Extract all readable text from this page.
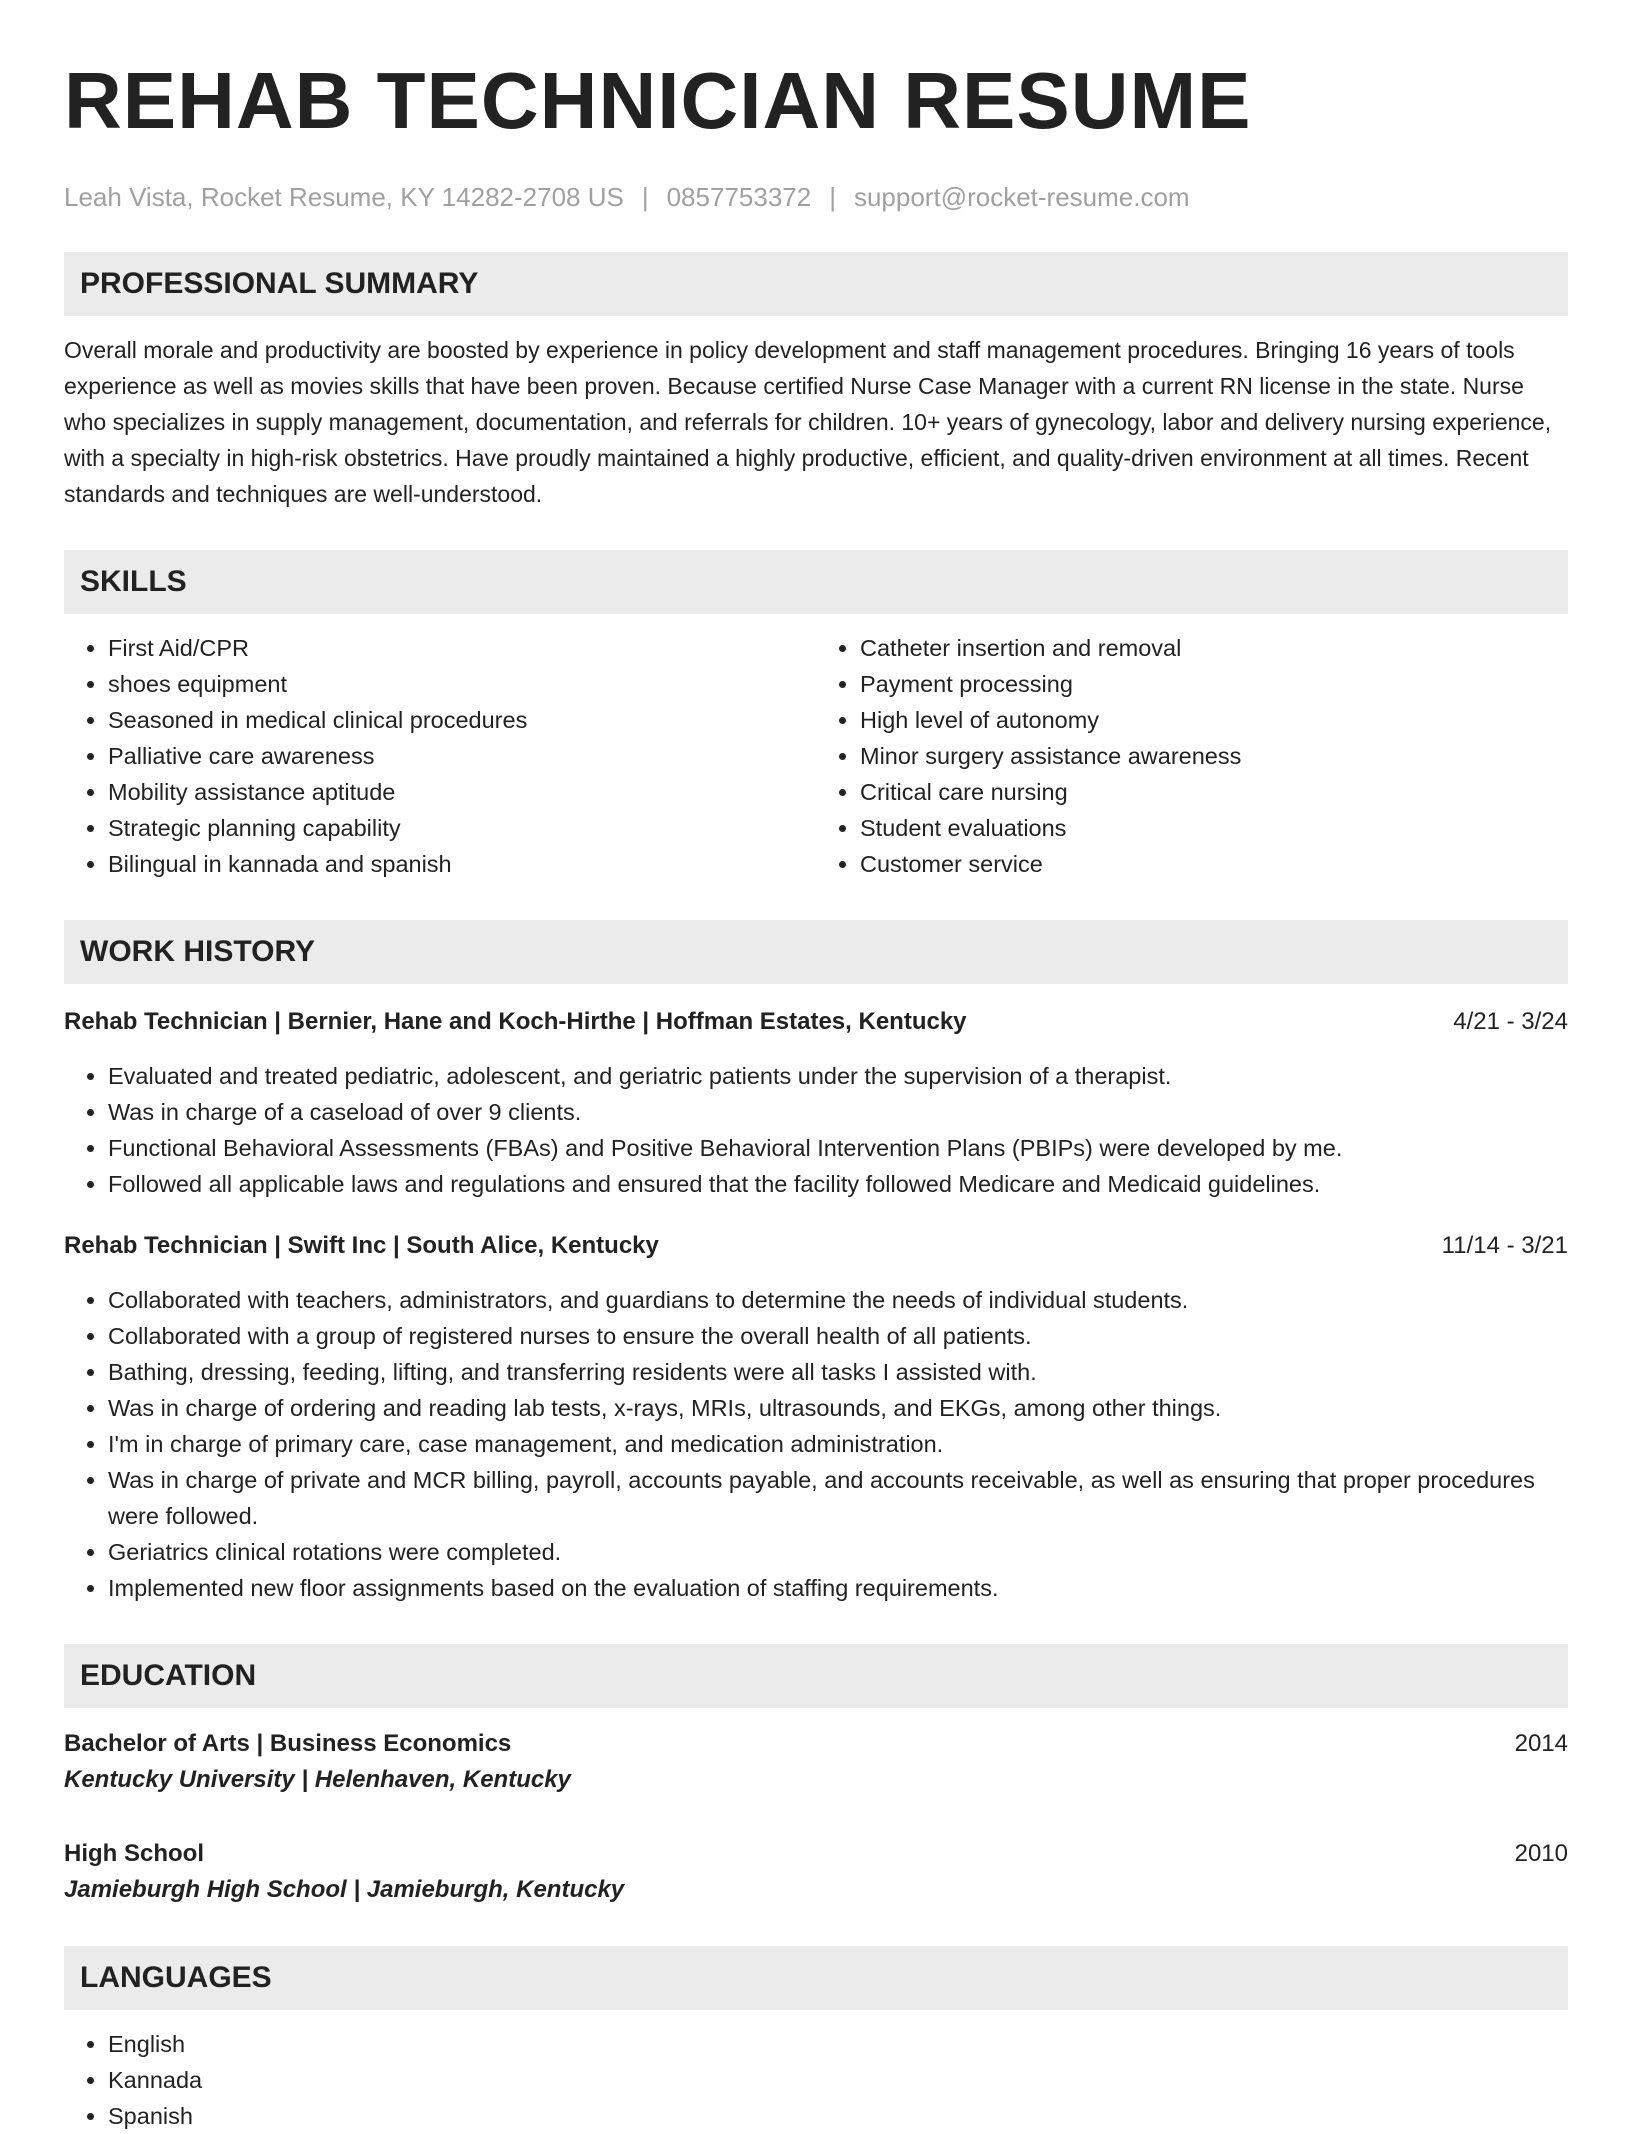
REHAB TECHNICIAN RESUME
Leah Vista, Rocket Resume, KY 14282-2708 US | 0857753372 | support@rocket-resume.com
PROFESSIONAL SUMMARY
Overall morale and productivity are boosted by experience in policy development and staff management procedures. Bringing 16 years of tools experience as well as movies skills that have been proven. Because certified Nurse Case Manager with a current RN license in the state. Nurse who specializes in supply management, documentation, and referrals for children. 10+ years of gynecology, labor and delivery nursing experience, with a specialty in high-risk obstetrics. Have proudly maintained a highly productive, efficient, and quality-driven environment at all times. Recent standards and techniques are well-understood.
SKILLS
• First Aid/CPR
• shoes equipment
• Seasoned in medical clinical procedures
• Palliative care awareness
• Mobility assistance aptitude
• Strategic planning capability
• Bilingual in kannada and spanish
• Catheter insertion and removal
• Payment processing
• High level of autonomy
• Minor surgery assistance awareness
• Critical care nursing
• Student evaluations
• Customer service
WORK HISTORY
Rehab Technician | Bernier, Hane and Koch-Hirthe | Hoffman Estates, Kentucky	4/21 - 3/24
• Evaluated and treated pediatric, adolescent, and geriatric patients under the supervision of a therapist.
• Was in charge of a caseload of over 9 clients.
• Functional Behavioral Assessments (FBAs) and Positive Behavioral Intervention Plans (PBIPs) were developed by me.
• Followed all applicable laws and regulations and ensured that the facility followed Medicare and Medicaid guidelines.
Rehab Technician | Swift Inc | South Alice, Kentucky	11/14 - 3/21
• Collaborated with teachers, administrators, and guardians to determine the needs of individual students.
• Collaborated with a group of registered nurses to ensure the overall health of all patients.
• Bathing, dressing, feeding, lifting, and transferring residents were all tasks I assisted with.
• Was in charge of ordering and reading lab tests, x-rays, MRIs, ultrasounds, and EKGs, among other things.
• I'm in charge of primary care, case management, and medication administration.
• Was in charge of private and MCR billing, payroll, accounts payable, and accounts receivable, as well as ensuring that proper procedures were followed.
• Geriatrics clinical rotations were completed.
• Implemented new floor assignments based on the evaluation of staffing requirements.
EDUCATION
Bachelor of Arts | Business Economics	2014
Kentucky University | Helenhaven, Kentucky
High School	2010
Jamieburgh High School | Jamieburgh, Kentucky
LANGUAGES
• English
• Kannada
• Spanish
